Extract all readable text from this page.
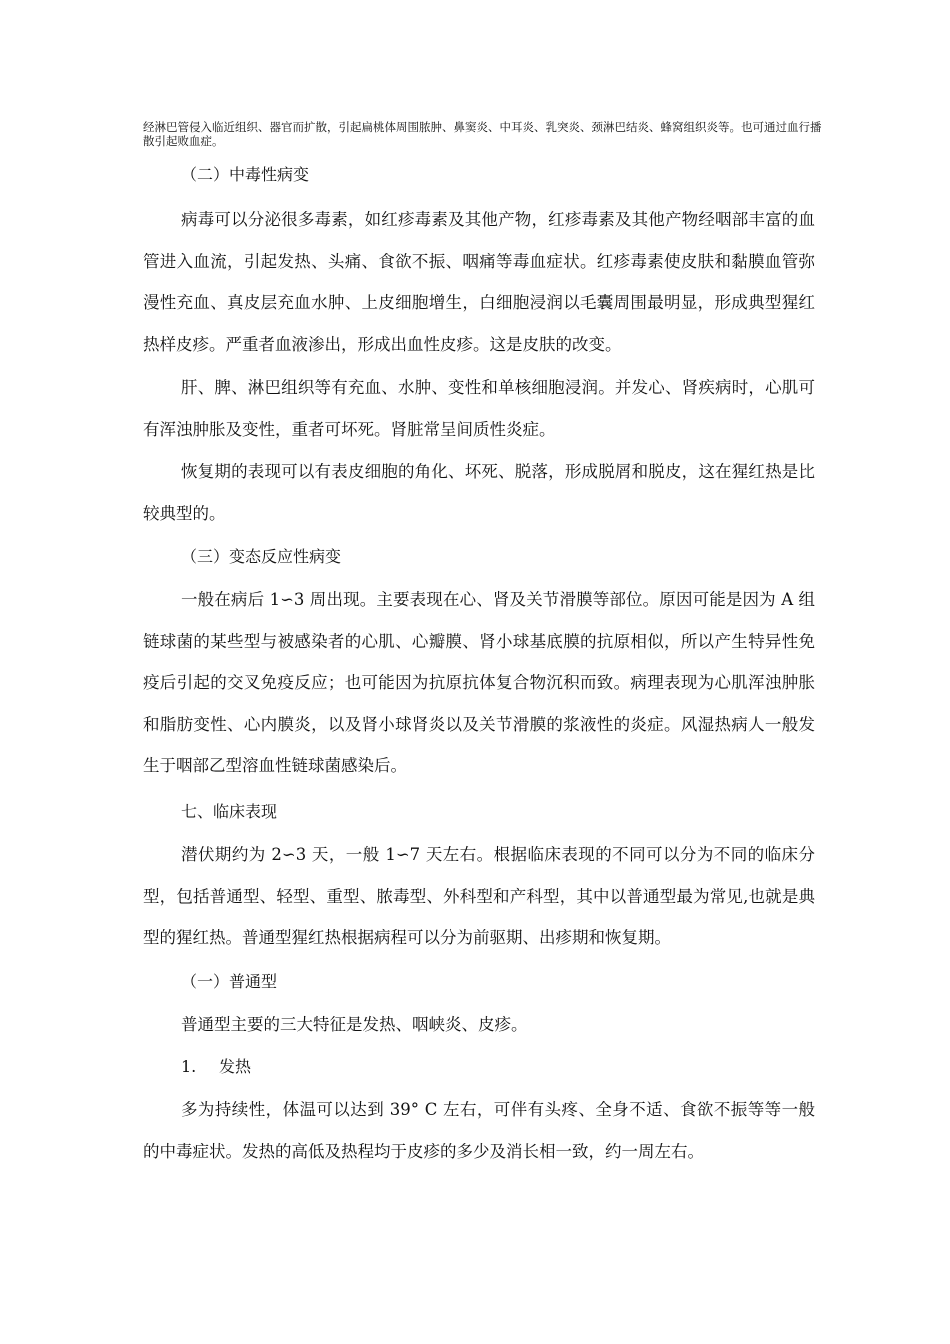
经淋巴管侵入临近组织、器官而扩散，引起扁桃体周围脓肿、鼻窦炎、中耳炎、乳突炎、颈淋巴结炎、蜂窝组织炎等。也可通过血行播散引起败血症。
（二）中毒性病变

病毒可以分泌很多毒素，如红疹毒素及其他产物，红疹毒素及其他产物经咽部丰富的血管进入血流，引起发热、头痛、食欲不振、咽痛等毒血症状。红疹毒素使皮肤和黏膜血管弥漫性充血、真皮层充血水肿、上皮细胞增生，白细胞浸润以毛囊周围最明显，形成典型猩红热样皮疹。严重者血液渗出，形成出血性皮疹。这是皮肤的改变。

肝、脾、淋巴组织等有充血、水肿、变性和单核细胞浸润。并发心、肾疾病时，心肌可有浑浊肿胀及变性，重者可坏死。肾脏常呈间质性炎症。

恢复期的表现可以有表皮细胞的角化、坏死、脱落，形成脱屑和脱皮，这在猩红热是比较典型的。

（三）变态反应性病变

一般在病后 1∽3 周出现。主要表现在心、肾及关节滑膜等部位。原因可能是因为 A 组链球菌的某些型与被感染者的心肌、心瓣膜、肾小球基底膜的抗原相似，所以产生特异性免疫后引起的交叉免疫反应；也可能因为抗原抗体复合物沉积而致。病理表现为心肌浑浊肿胀和脂肪变性、心内膜炎，以及肾小球肾炎以及关节滑膜的浆液性的炎症。风湿热病人一般发生于咽部乙型溶血性链球菌感染后。

七、临床表现

潜伏期约为 2∽3 天，一般 1∽7 天左右。根据临床表现的不同可以分为不同的临床分型，包括普通型、轻型、重型、脓毒型、外科型和产科型，其中以普通型最为常见,也就是典型的猩红热。普通型猩红热根据病程可以分为前驱期、出疹期和恢复期。

（一）普通型

普通型主要的三大特征是发热、咽峡炎、皮疹。

1. 发热

多为持续性，体温可以达到 39° C 左右，可伴有头疼、全身不适、食欲不振等等一般的中毒症状。发热的高低及热程均于皮疹的多少及消长相一致，约一周左右。
